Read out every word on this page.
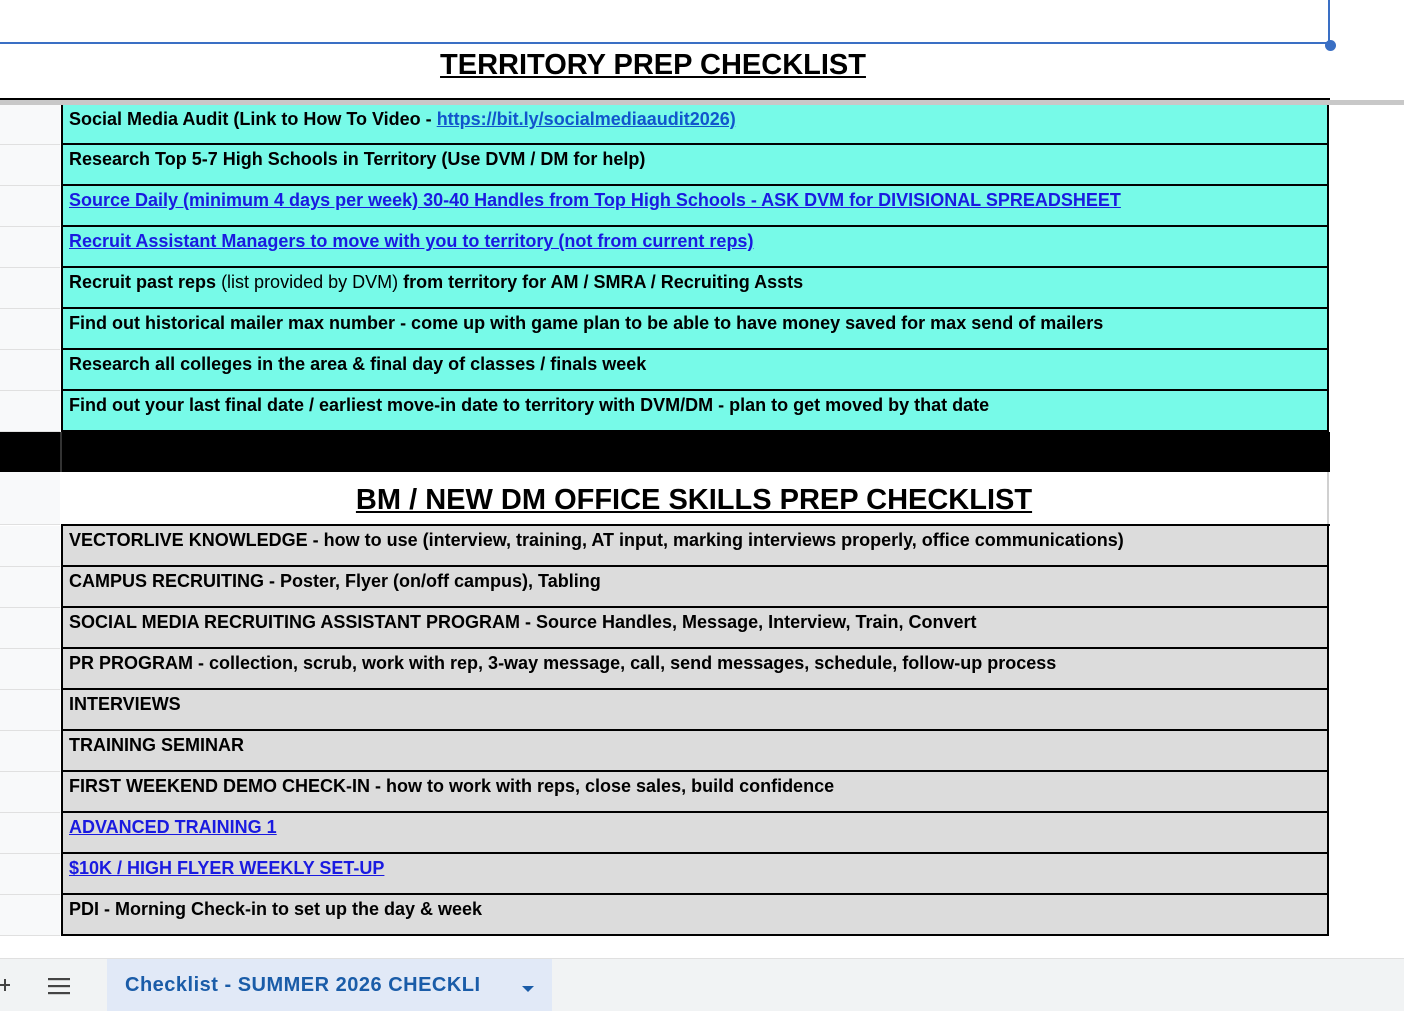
TERRITORY PREP CHECKLIST
Social Media Audit (Link to How To Video - https://bit.ly/socialmediaaudit2026)
Research Top 5-7 High Schools in Territory (Use DVM / DM for help)
Source Daily (minimum 4 days per week) 30-40 Handles from Top High Schools - ASK DVM for DIVISIONAL SPREADSHEET
Recruit Assistant Managers to move with you to territory (not from current reps)
Recruit past reps (list provided by DVM) from territory for AM / SMRA / Recruiting Assts
Find out historical mailer max number - come up with game plan to be able to have money saved for max send of mailers
Research all colleges in the area & final day of classes / finals week
Find out your last final date / earliest move-in date to territory with DVM/DM - plan to get moved by that date
BM / NEW DM OFFICE SKILLS PREP CHECKLIST
VECTORLIVE KNOWLEDGE - how to use (interview, training, AT input, marking interviews properly, office communications)
CAMPUS RECRUITING - Poster, Flyer (on/off campus), Tabling
SOCIAL MEDIA RECRUITING ASSISTANT PROGRAM - Source Handles, Message, Interview, Train, Convert
PR PROGRAM - collection, scrub, work with rep, 3-way message, call, send messages, schedule, follow-up process
INTERVIEWS
TRAINING SEMINAR
FIRST WEEKEND DEMO CHECK-IN - how to work with reps, close sales, build confidence
ADVANCED TRAINING 1
$10K / HIGH FLYER WEEKLY SET-UP
PDI - Morning Check-in to set up the day & week
Checklist - SUMMER 2026 CHECKLI
